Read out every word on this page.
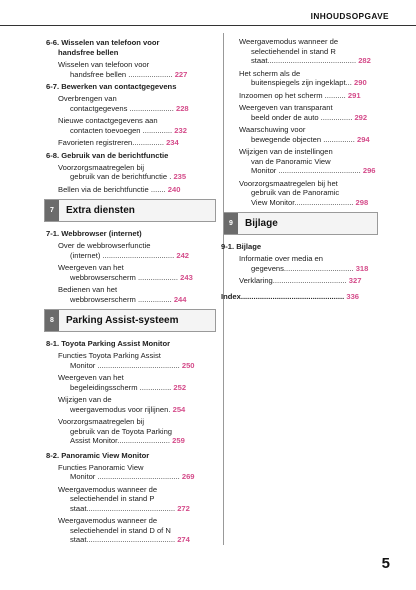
INHOUDSOPGAVE
6-6. Wisselen van telefoon voor
handsfree bellen
Wisselen van telefoon voor
handsfree bellen ..................... 227
6-7. Bewerken van contactgegevens
Overbrengen van
contactgegevens ..................... 228
Nieuwe contactgegevens aan
contacten toevoegen .............. 232
Favorieten registreren............... 234
6-8. Gebruik van de berichtfunctie
Voorzorgsmaatregelen bij
gebruik van de berichtfunctie . 235
Bellen via de berichtfunctie ....... 240
7	Extra diensten
7-1. Webbrowser (internet)
Over de webbrowserfunctie
(internet) .................................. 242
Weergeven van het
webbrowserscherm ................... 243
Bedienen van het
webbrowserscherm ................ 244
8	Parking Assist-systeem
8-1. Toyota Parking Assist Monitor
Functies Toyota Parking Assist
Monitor ....................................... 250
Weergeven van het
begeleidingsscherm ............... 252
Wijzigen van de
weergavemodus voor rijlijnen. 254
Voorzorgsmaatregelen bij
gebruik van de Toyota Parking
Assist Monitor......................... 259
8-2. Panoramic View Monitor
Functies Panoramic View
Monitor ....................................... 269
Weergavemodus wanneer de
selectiehendel in stand P
staat.......................................... 272
Weergavemodus wanneer de
selectiehendel in stand D of N
staat.......................................... 274
Weergavemodus wanneer de
selectiehendel in stand R
staat.......................................... 282
Het scherm als de
buitenspiegels zijn ingeklapt... 290
Inzoomen op het scherm .......... 291
Weergeven van transparant
beeld onder de auto ............... 292
Waarschuwing voor
bewegende objecten ............... 294
Wijzigen van de instellingen
van de Panoramic View
Monitor ....................................... 296
Voorzorgsmaatregelen bij het
gebruik van de Panoramic
View Monitor............................ 298
9	Bijlage
9-1. Bijlage
Informatie over media en
gegevens................................. 318
Verklaring................................... 327
Index................................................. 336
5
